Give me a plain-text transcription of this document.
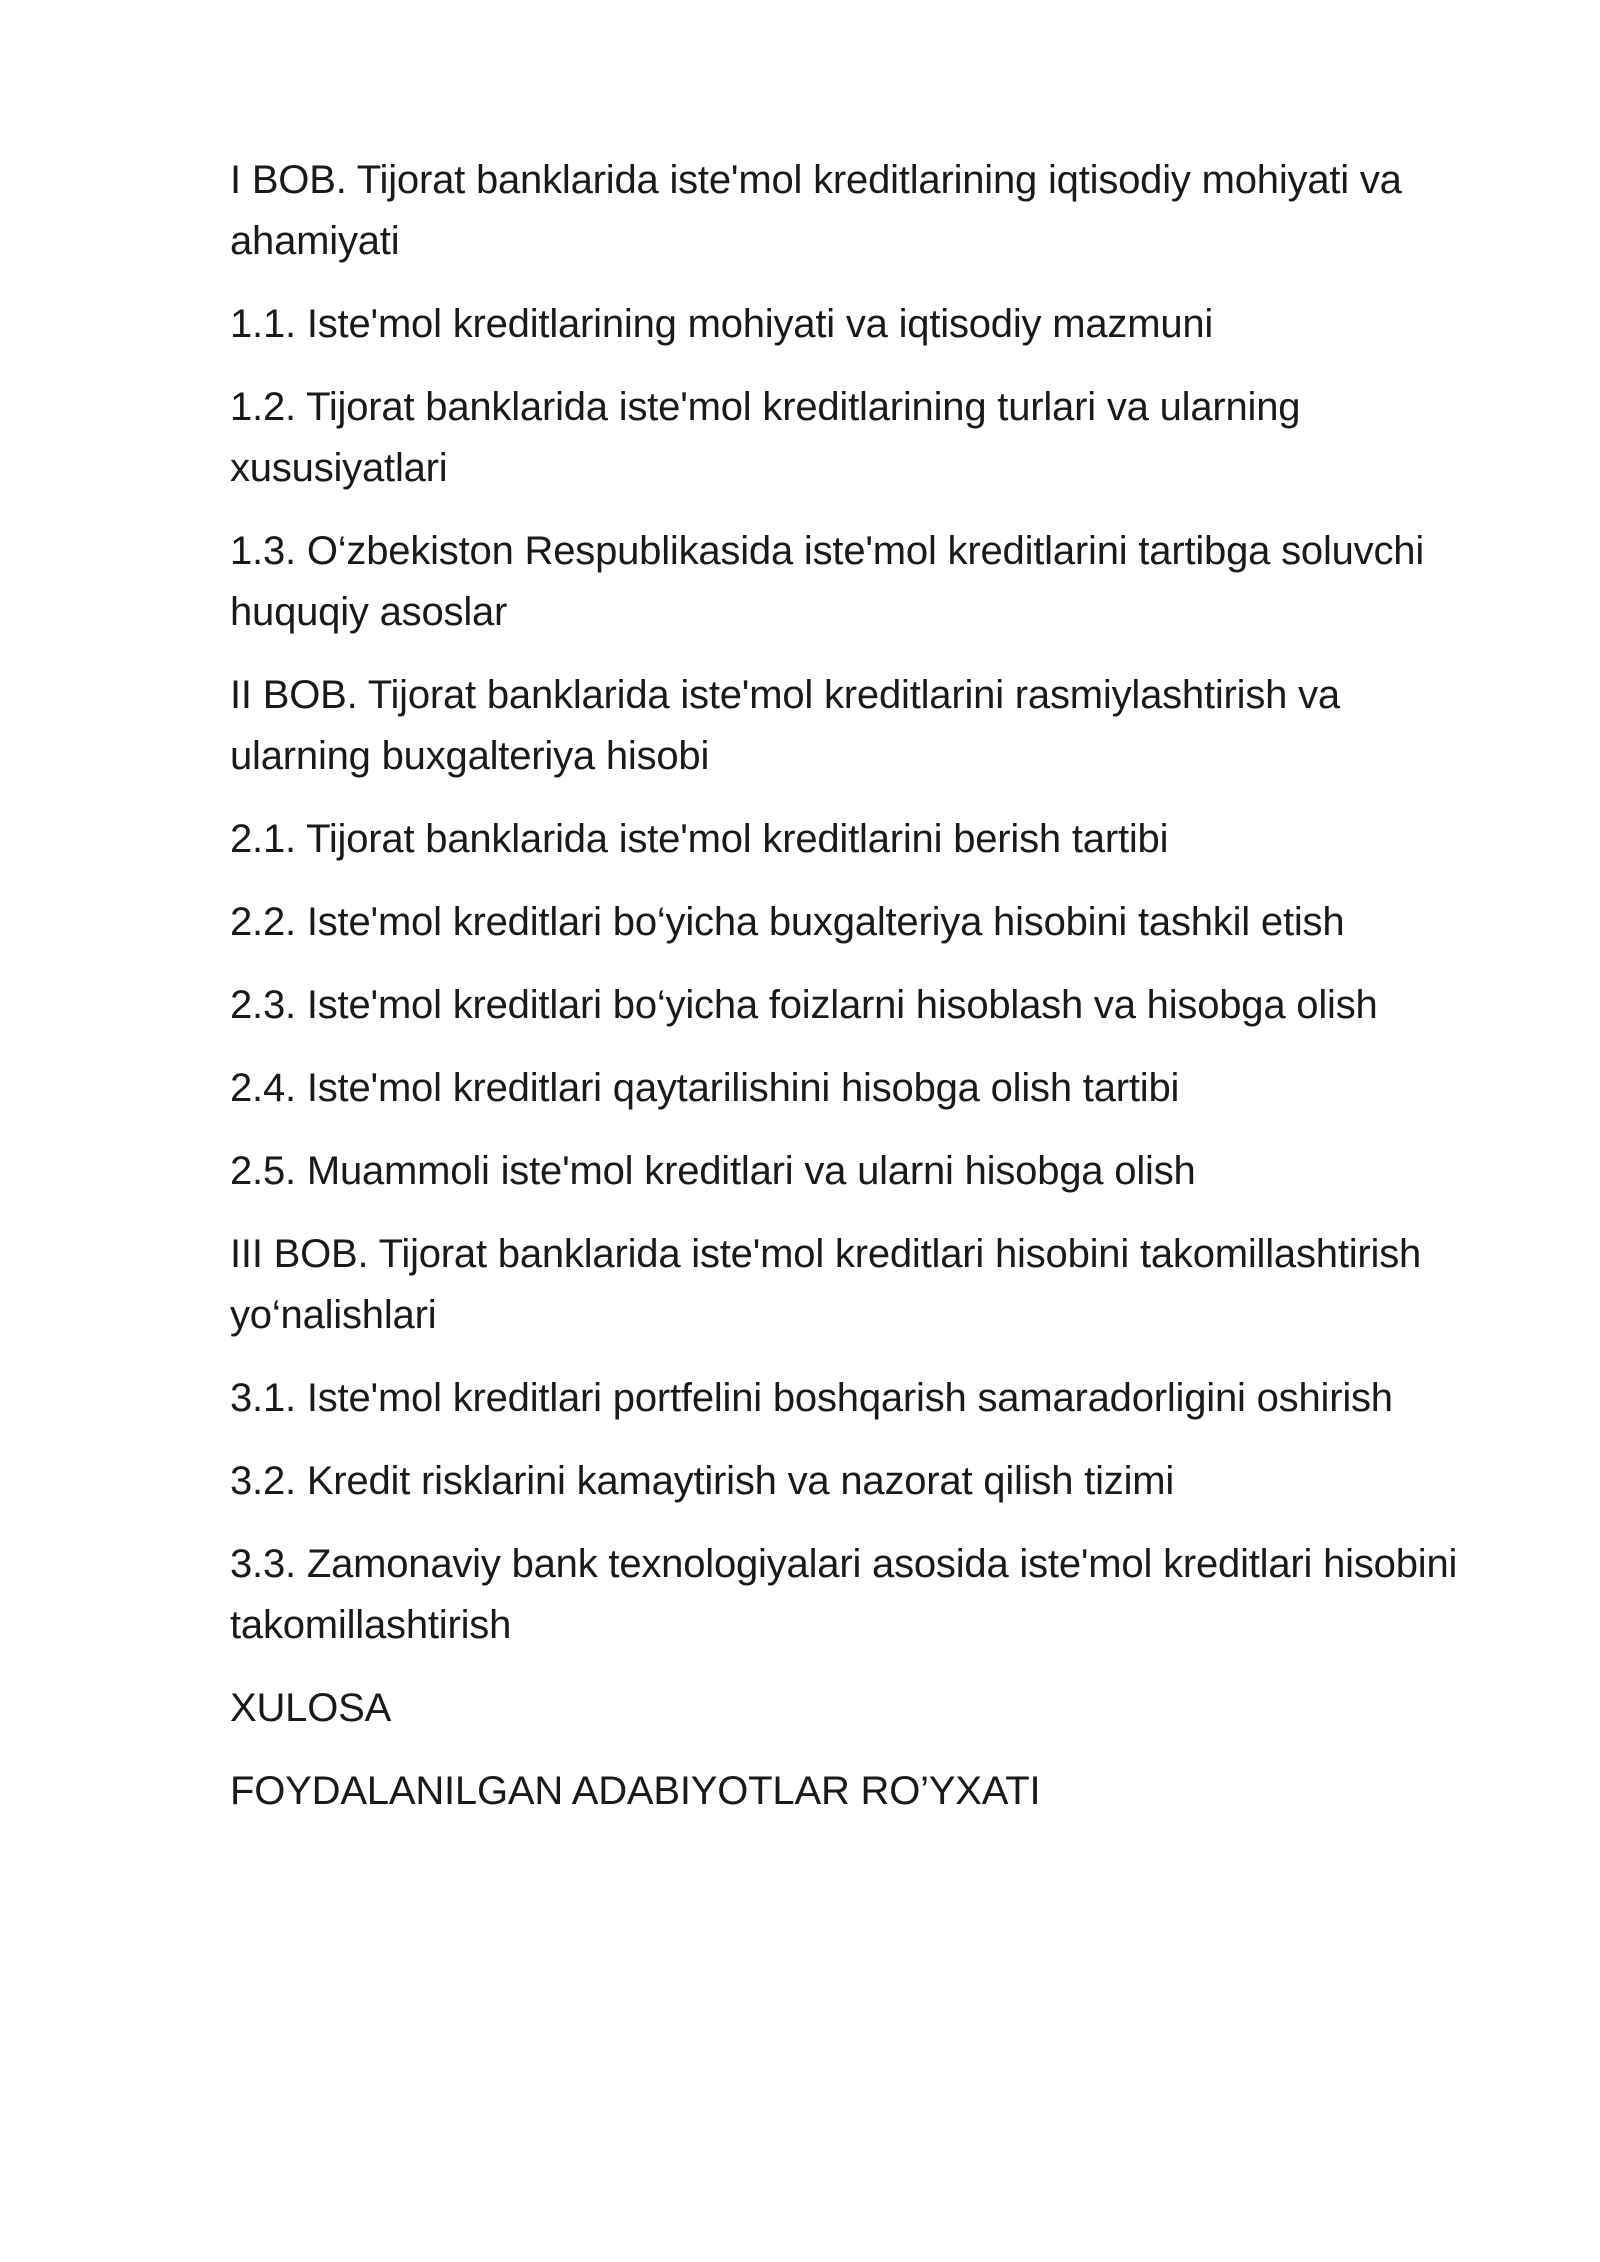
I BOB. Tijorat banklarida iste'mol kreditlarining iqtisodiy mohiyati va ahamiyati
1.1. Iste'mol kreditlarining mohiyati va iqtisodiy mazmuni
1.2. Tijorat banklarida iste'mol kreditlarining turlari va ularning xususiyatlari
1.3. O‘zbekiston Respublikasida iste'mol kreditlarini tartibga soluvchi huquqiy asoslar
II BOB. Tijorat banklarida iste'mol kreditlarini rasmiylashtirish va ularning buxgalteriya hisobi
2.1. Tijorat banklarida iste'mol kreditlarini berish tartibi
2.2. Iste'mol kreditlari bo‘yicha buxgalteriya hisobini tashkil etish
2.3. Iste'mol kreditlari bo‘yicha foizlarni hisoblash va hisobga olish
2.4. Iste'mol kreditlari qaytarilishini hisobga olish tartibi
2.5. Muammoli iste'mol kreditlari va ularni hisobga olish
III BOB. Tijorat banklarida iste'mol kreditlari hisobini takomillashtirish yo‘nalishlari
3.1. Iste'mol kreditlari portfelini boshqarish samaradorligini oshirish
3.2. Kredit risklarini kamaytirish va nazorat qilish tizimi
3.3. Zamonaviy bank texnologiyalari asosida iste'mol kreditlari hisobini takomillashtirish
XULOSA
FOYDALANILGAN ADABIYOTLAR RO’YXATI
